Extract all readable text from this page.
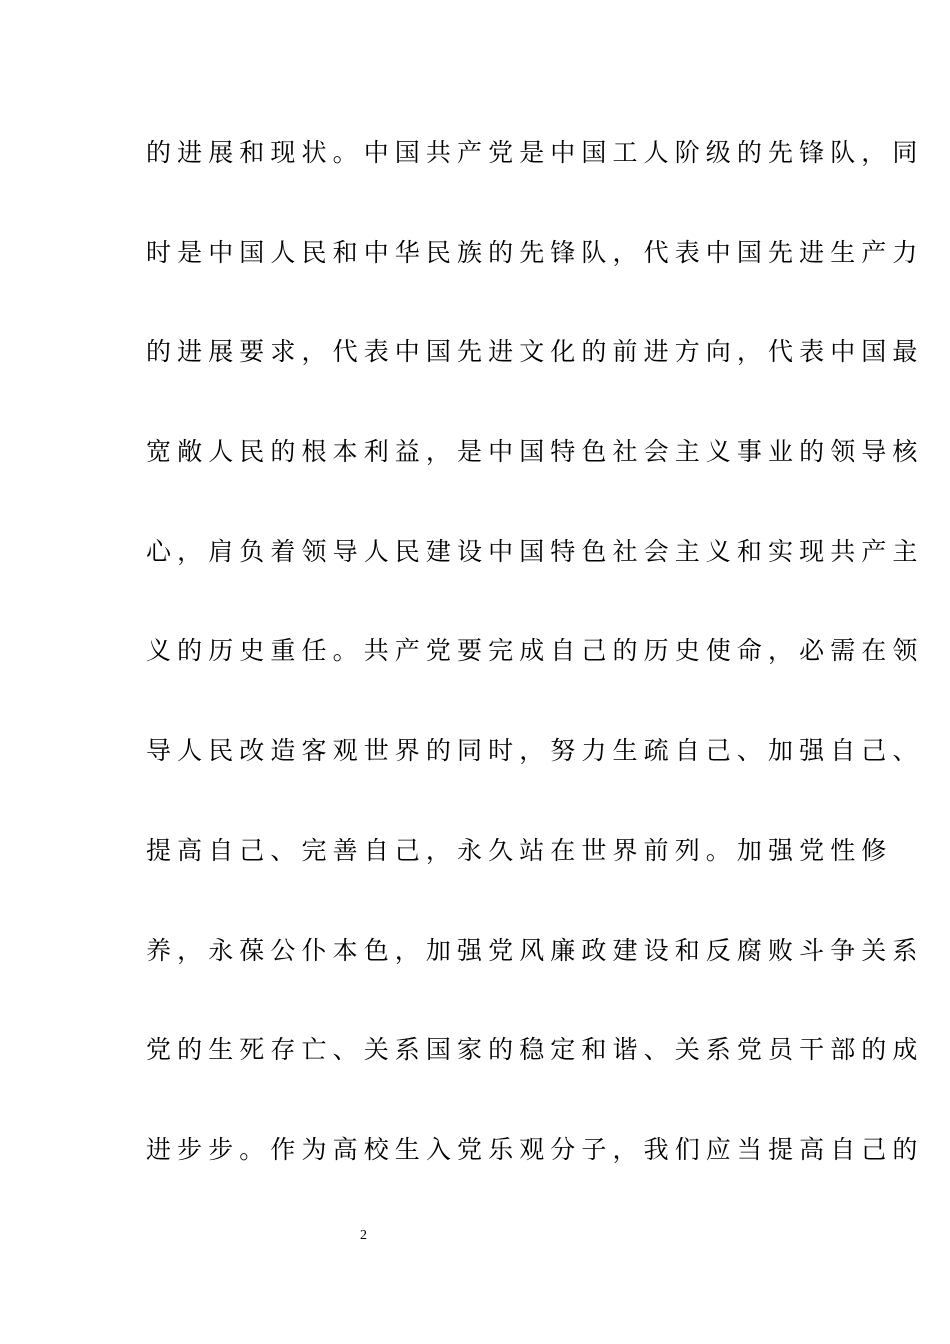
的进展和现状。中国共产党是中国工人阶级的先锋队，同
时是中国人民和中华民族的先锋队，代表中国先进生产力
的进展要求，代表中国先进文化的前进方向，代表中国最
宽敞人民的根本利益，是中国特色社会主义事业的领导核
心，肩负着领导人民建设中国特色社会主义和实现共产主
义的历史重任。共产党要完成自己的历史使命，必需在领
导人民改造客观世界的同时，努力生疏自己、加强自己、
提高自己、完善自己，永久站在世界前列。加强党性修
养，永葆公仆本色，加强党风廉政建设和反腐败斗争关系
党的生死存亡、关系国家的稳定和谐、关系党员干部的成
进步步。作为高校生入党乐观分子，我们应当提高自己的
2
